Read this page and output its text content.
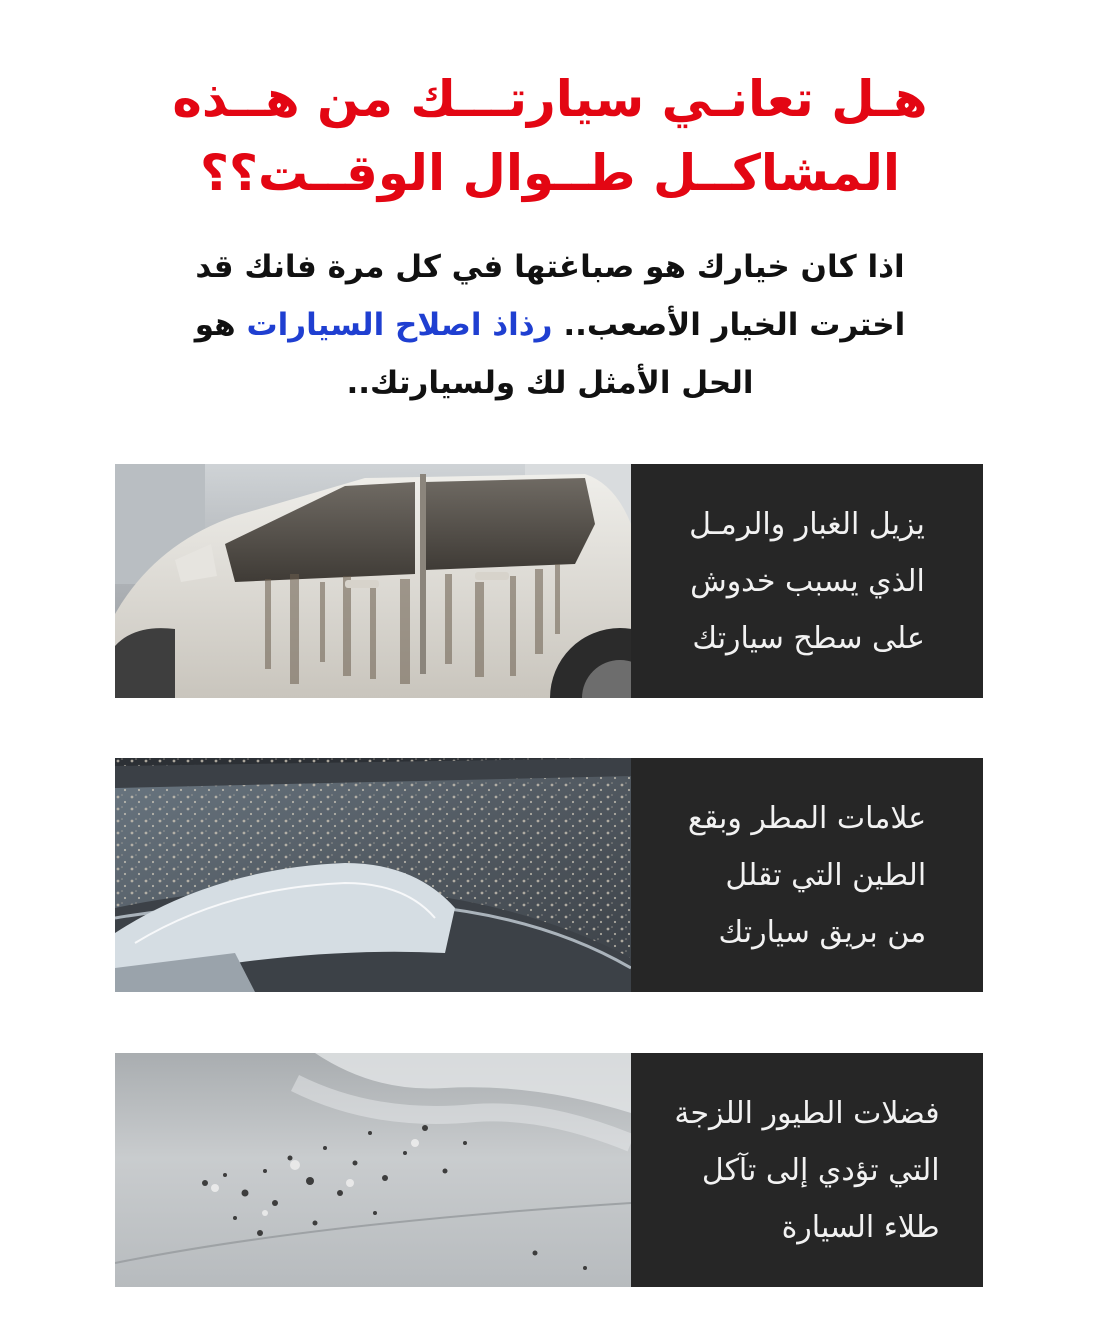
هـل تعانـي سيارتـــك من هــذه
المشاكــل طــوال الوقــت؟؟

اذا كان خيارك هو صباغتها في كل مرة فانك قد
اخترت الخيار الأصعب.. رذاذ اصلاح السيارات هو
الحل الأمثل لك ولسيارتك..

يزيل الغبار والرمـل
الذي يسبب خدوش
على سطح سيارتك
علامات المطر وبقع
الطين التي تقلل
من بريق سيارتك
فضلات الطيور اللزجة
التي تؤدي إلى تآكل
طلاء السيارة
